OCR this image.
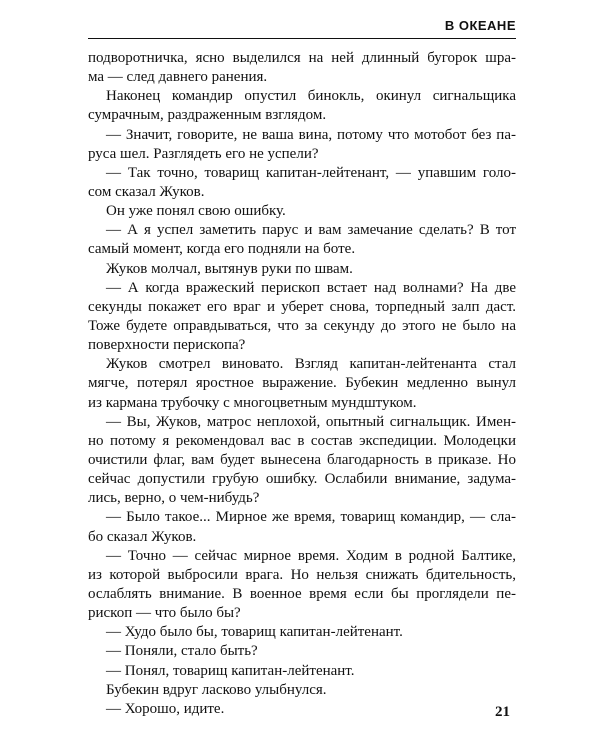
В ОКЕАНЕ
подворотничка, ясно выделился на ней длинный бугорок шра-
ма — след давнего ранения.
Наконец командир опустил бинокль, окинул сигнальщика
сумрачным, раздраженным взглядом.
— Значит, говорите, не ваша вина, потому что мотобот без па-
руса шел. Разглядеть его не успели?
— Так точно, товарищ капитан-лейтенант, — упавшим голо-
сом сказал Жуков.
Он уже понял свою ошибку.
— А я успел заметить парус и вам замечание сделать? В тот
самый момент, когда его подняли на боте.
Жуков молчал, вытянув руки по швам.
— А когда вражеский перископ встает над волнами? На две
секунды покажет его враг и уберет снова, торпедный залп даст.
Тоже будете оправдываться, что за секунду до этого не было на
поверхности перископа?
Жуков смотрел виновато. Взгляд капитан-лейтенанта стал
мягче, потерял яростное выражение. Бубекин медленно вынул
из кармана трубочку с многоцветным мундштуком.
— Вы, Жуков, матрос неплохой, опытный сигнальщик. Имен-
но потому я рекомендовал вас в состав экспедиции. Молодецки
очистили флаг, вам будет вынесена благодарность в приказе. Но
сейчас допустили грубую ошибку. Ослабили внимание, задума-
лись, верно, о чем-нибудь?
— Было такое... Мирное же время, товарищ командир, — сла-
бо сказал Жуков.
— Точно — сейчас мирное время. Ходим в родной Балтике,
из которой выбросили врага. Но нельзя снижать бдительность,
ослаблять внимание. В военное время если бы проглядели пе-
рископ — что было бы?
— Худо было бы, товарищ капитан-лейтенант.
— Поняли, стало быть?
— Понял, товарищ капитан-лейтенант.
Бубекин вдруг ласково улыбнулся.
— Хорошо, идите.	21
